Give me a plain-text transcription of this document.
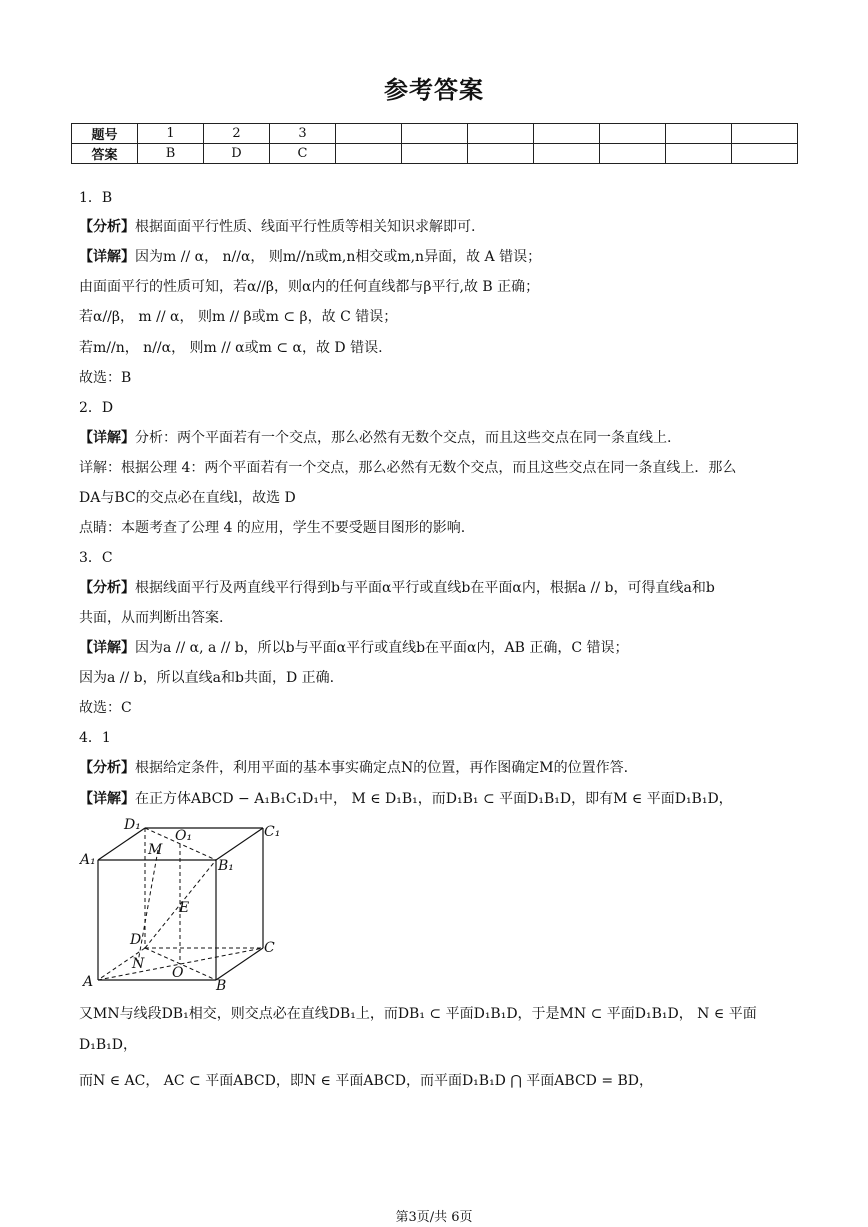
参考答案
题号	1	2	3							
答案	B	D	C							
1．B
【分析】根据面面平行性质、线面平行性质等相关知识求解即可.
【详解】因为m // α， n//α， 则m//n或m,n相交或m,n异面，故 A 错误；
由面面平行的性质可知，若α//β，则α内的任何直线都与β平行,故 B 正确；
若α//β， m // α， 则m // β或m ⊂ β，故 C 错误；
若m//n， n//α， 则m // α或m ⊂ α，故 D 错误.
故选：B
2．D
【详解】分析：两个平面若有一个交点，那么必然有无数个交点，而且这些交点在同一条直线上.
详解：根据公理 4：两个平面若有一个交点，那么必然有无数个交点，而且这些交点在同一条直线上．那么
DA与BC的交点必在直线l，故选 D
点睛：本题考查了公理 4 的应用，学生不要受题目图形的影响.
3．C
【分析】根据线面平行及两直线平行得到b与平面α平行或直线b在平面α内，根据a // b，可得直线a和b
共面，从而判断出答案.
【详解】因为a // α, a // b，所以b与平面α平行或直线b在平面α内，AB 正确，C 错误；
因为a // b，所以直线a和b共面，D 正确.
故选：C
4．1
【分析】根据给定条件，利用平面的基本事实确定点N的位置，再作图确定M的位置作答.
【详解】在正方体ABCD − A₁B₁C₁D₁中， M ∈ D₁B₁，而D₁B₁ ⊂ 平面D₁B₁D，即有M ∈ 平面D₁B₁D，
又MN与线段DB₁相交，则交点必在直线DB₁上，而DB₁ ⊂ 平面D₁B₁D，于是MN ⊂ 平面D₁B₁D， N ∈ 平面
D₁B₁D，
而N ∈ AC， AC ⊂ 平面ABCD，即N ∈ 平面ABCD，而平面D₁B₁D ⋂ 平面ABCD = BD，
D₁
O₁	C₁
A₁
M
B₁
E
D	C
N
A
O
B
第3页/共 6页
